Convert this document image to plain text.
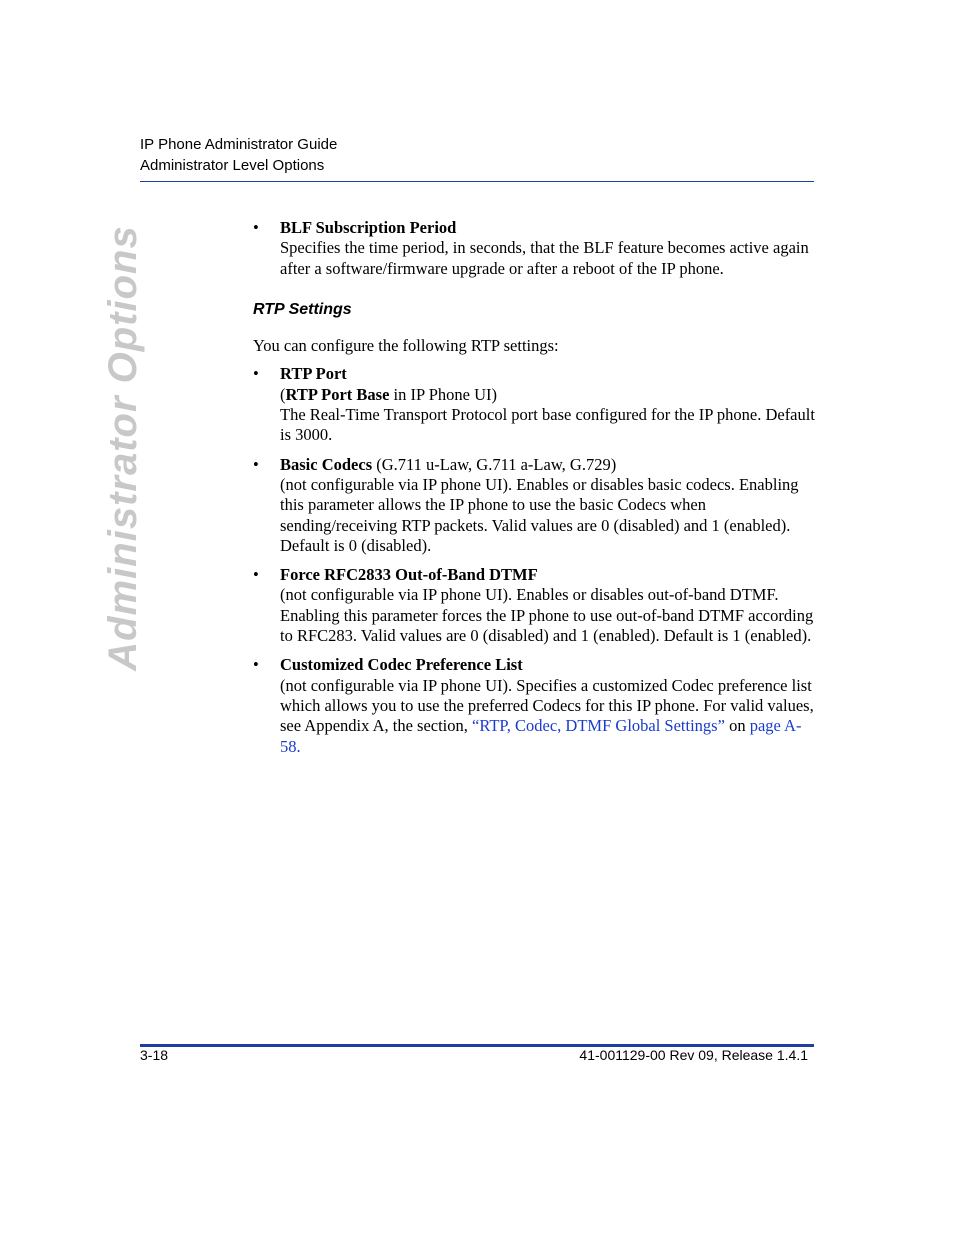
IP Phone Administrator Guide
Administrator Level Options
Administrator Options	• BLF Subscription Period

Specifies the time period, in seconds, that the BLF feature becomes active again after a software/firmware upgrade or after a reboot of the IP phone.

RTP Settings

You can configure the following RTP settings:

• RTP Port

(RTP Port Base in IP Phone UI)

The Real-Time Transport Protocol port base configured for the IP phone. Default is 3000.

• Basic Codecs (G.711 u-Law, G.711 a-Law, G.729)

(not configurable via IP phone UI). Enables or disables basic codecs. Enabling this parameter allows the IP phone to use the basic Codecs when sending/receiving RTP packets. Valid values are 0 (disabled) and 1 (enabled). Default is 0 (disabled).

• Force RFC2833 Out-of-Band DTMF

(not configurable via IP phone UI). Enables or disables out-of-band DTMF. Enabling this parameter forces the IP phone to use out-of-band DTMF according to RFC283. Valid values are 0 (disabled) and 1 (enabled). Default is 1 (enabled).

• Customized Codec Preference List

(not configurable via IP phone UI). Specifies a customized Codec preference list which allows you to use the preferred Codecs for this IP phone. For valid values, see Appendix A, the section, “RTP, Codec, DTMF Global Settings” on page A-58.

3-18	41-001129-00 Rev 09, Release 1.4.1
